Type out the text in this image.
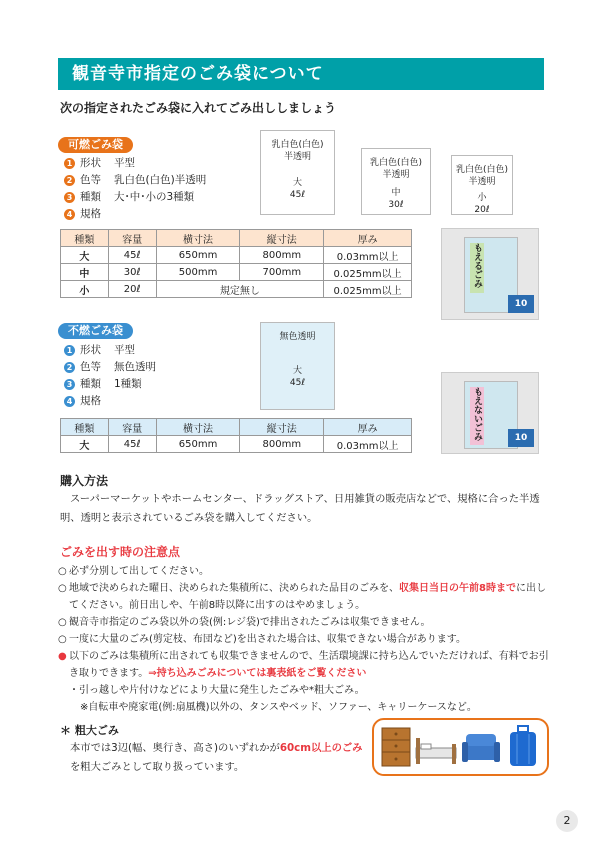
観音寺市指定のごみ袋について
次の指定されたごみ袋に入れてごみ出ししましょう
可燃ごみ袋
1 形状	平型
2 色等	乳白色(白色)半透明
3 種類	大･中･小の3種類
4 規格
乳白色(白色)
半透明
大
45ℓ
乳白色(白色)
半透明
中
30ℓ
乳白色(白色)
半透明
小
20ℓ
種類	容量	横寸法	縦寸法	厚み
大	45ℓ	650mm	800mm	0.03mm以上
中	30ℓ	500mm	700mm	0.025mm以上
小	20ℓ	規定無し		0.025mm以上
もえるごみ
10
不燃ごみ袋
1 形状	平型
2 色等	無色透明
3 種類	1種類
4 規格
無色透明
大
45ℓ
種類	容量	横寸法	縦寸法	厚み
大	45ℓ	650mm	800mm	0.03mm以上
もえないごみ	10
購入方法
スーパーマーケットやホームセンター、ドラッグストア、日用雑貨の販売店などで、規格に合った半透明、透明と表示されているごみ袋を購入してください。
ごみを出す時の注意点
○ 必ず分別して出してください。
○ 地域で決められた曜日、決められた集積所に、決められた品目のごみを、収集日当日の午前8時までに出してください。前日出しや、午前8時以降に出すのはやめましょう。
○ 観音寺市指定のごみ袋以外の袋(例:レジ袋)で排出されたごみは収集できません。
○ 一度に大量のごみ(剪定枝、布団など)を出された場合は、収集できない場合があります。
● 以下のごみは集積所に出されても収集できませんので、生活環境課に持ち込んでいただければ、有料でお引き取りできます。⇒持ち込みごみについては裏表紙をご覧ください
・引っ越しや片付けなどにより大量に発生したごみや*粗大ごみ。
※自転車や廃家電(例:扇風機)以外の、タンスやベッド、ソファー、キャリーケースなど。
＊ 粗大ごみ
本市では3辺(幅、奥行き、高さ)のいずれかが60cm以上のごみを粗大ごみとして取り扱っています。
2
